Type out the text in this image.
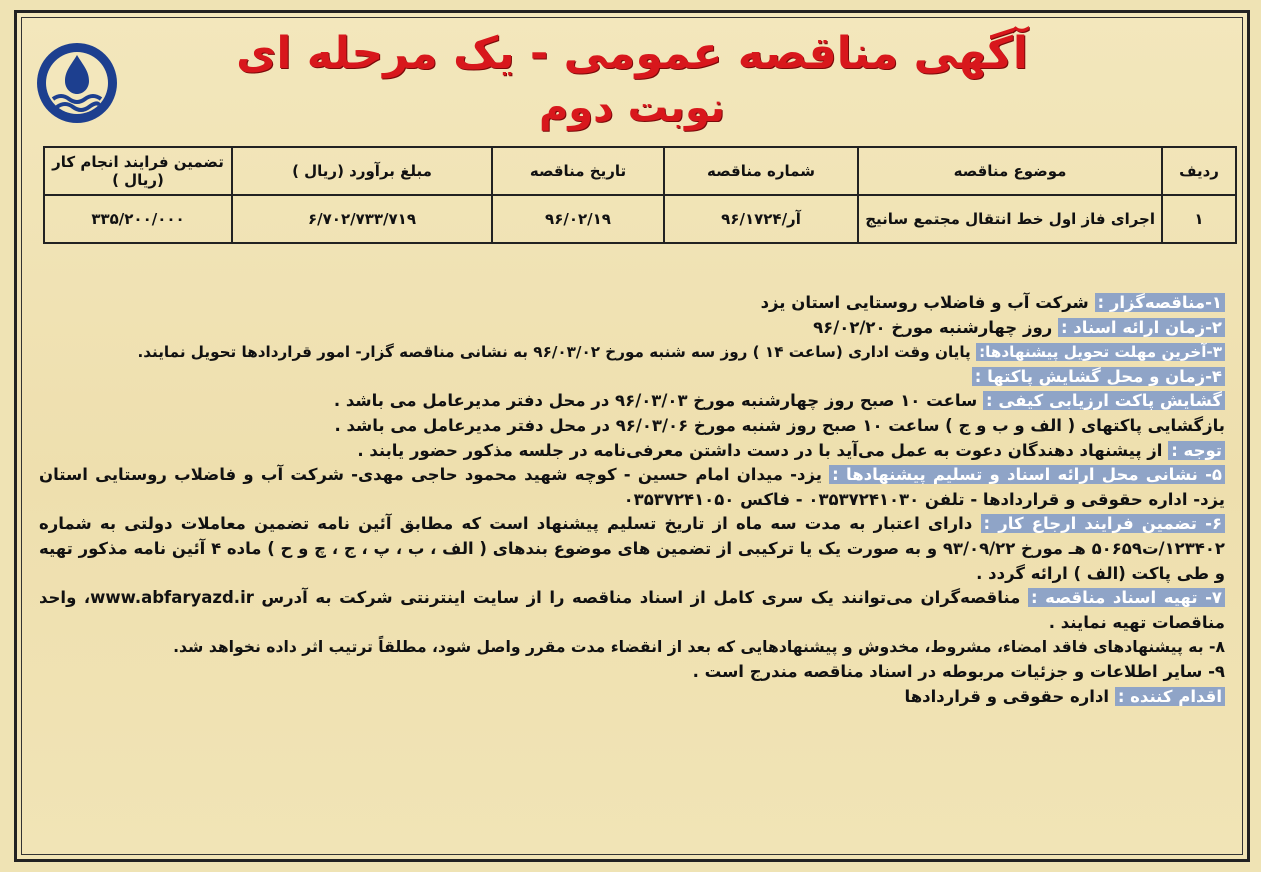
آگهی مناقصه عمومی - یک مرحله ای
نوبت دوم
ردیف	موضوع مناقصه	شماره مناقصه	تاریخ مناقصه	مبلغ برآورد (ریال )	تضمین فرایند انجام کار (ریال )
۱	اجرای فاز اول خط انتقال مجتمع سانیج	آر/۹۶/۱۷۲۴	۹۶/۰۲/۱۹	۶/۷۰۲/۷۳۳/۷۱۹	۳۳۵/۲۰۰/۰۰۰

۱-مناقصه‌گزار : شرکت آب و فاضلاب روستایی استان یزد

۲-زمان ارائه اسناد : روز چهارشنبه مورخ ۹۶/۰۲/۲۰

۳-آخرین مهلت تحویل پیشنهادها: پایان وقت اداری (ساعت ۱۴ ) روز سه شنبه مورخ ۹۶/۰۳/۰۲ به نشانی مناقصه گزار- امور قراردادها تحویل نمایند.

۴-زمان و محل گشایش پاکتها :

گشایش پاکت ارزیابی کیفی : ساعت ۱۰ صبح روز چهارشنبه مورخ ۹۶/۰۳/۰۳ در محل دفتر مدیرعامل می باشد .

بازگشایی پاکتهای ( الف و ب و ج ) ساعت ۱۰ صبح روز شنبه مورخ ۹۶/۰۳/۰۶ در محل دفتر مدیرعامل می باشد .

توجه : از پیشنهاد دهندگان دعوت به عمل می‌آید با در دست داشتن معرفی‌نامه در جلسه مذکور حضور یابند .

۵- نشانی محل ارائه اسناد و تسلیم پیشنهادها : یزد- میدان امام حسین - کوچه شهید محمود حاجی مهدی- شرکت آب و فاضلاب روستایی استان یزد- اداره حقوقی و قراردادها - تلفن ۰۳۵۳۷۲۴۱۰۳۰ - فاکس ۰۳۵۳۷۲۴۱۰۵۰

۶- تضمین فرایند ارجاع کار : دارای اعتبار به مدت سه ماه از تاریخ تسلیم پیشنهاد است که مطابق آئین نامه تضمین معاملات دولتی به شماره ۱۲۳۴۰۲/ت۵۰۶۵۹ هـ مورخ ۹۳/۰۹/۲۲ و به صورت یک یا ترکیبی از تضمین های موضوع بندهای ( الف ، ب ، پ ، ج ، چ و ح ) ماده ۴ آئین نامه مذکور تهیه و طی پاکت (الف ) ارائه گردد .

۷- تهیه اسناد مناقصه : مناقصه‌گران می‌توانند یک سری کامل از اسناد مناقصه را از سایت اینترنتی شرکت به آدرس www.abfaryazd.ir، واحد مناقصات تهیه نمایند .

۸- به پیشنهادهای فاقد امضاء، مشروط، مخدوش و پیشنهادهایی که بعد از انقضاء مدت مقرر واصل شود، مطلقاً ترتیب اثر داده نخواهد شد.

۹- سایر اطلاعات و جزئیات مربوطه در اسناد مناقصه مندرج است .

اقدام کننده : اداره حقوقی و قراردادها
